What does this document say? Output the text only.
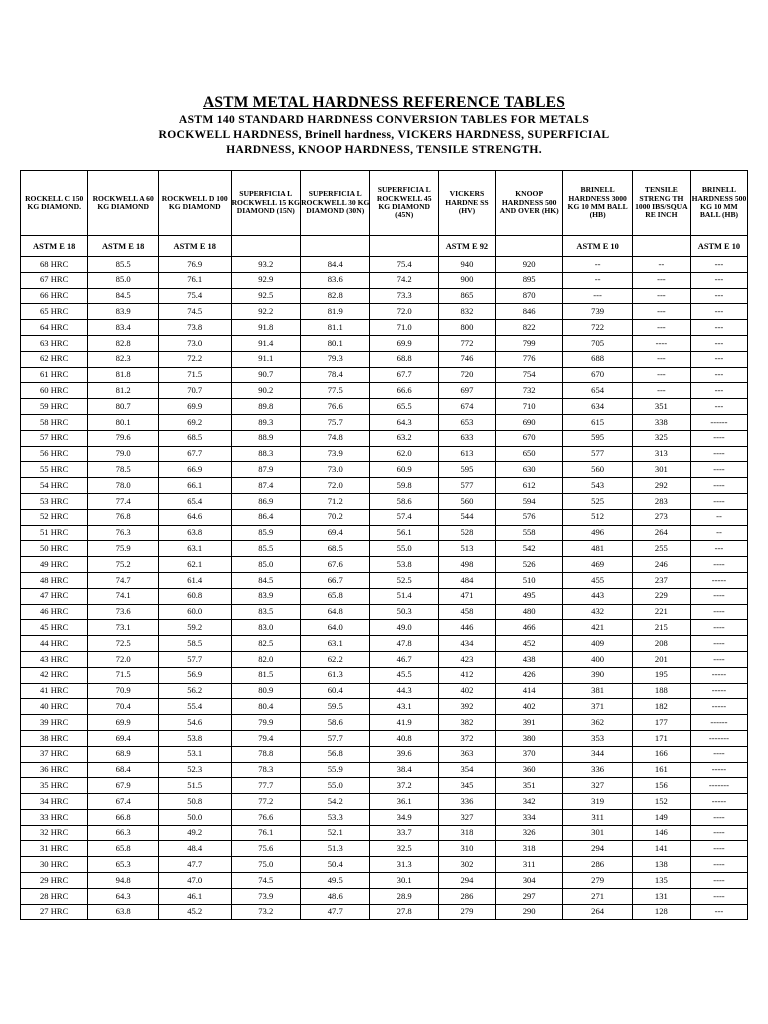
ASTM METAL HARDNESS REFERENCE TABLES

ASTM 140 STANDARD HARDNESS CONVERSION TABLES FOR METALS

ROCKWELL HARDNESS, Brinell hardness, VICKERS HARDNESS, SUPERFICIAL

HARDNESS, KNOOP HARDNESS, TENSILE STRENGTH.

ROCKELL C 150 KG DIAMOND.	ROCKWELL A 60 KG DIAMOND	ROCKWELL D 100 KG DIAMOND	SUPERFICIA L ROCKWELL 15 KG DIAMOND (15N)	SUPERFICIA L ROCKWELL 30 KG DIAMOND (30N)	SUPERFICIA L ROCKWELL 45 KG DIAMOND (45N)	VICKERS HARDNE SS (HV)	KNOOP HARDNESS 500 AND OVER (HK)	BRINELL HARDNESS 3000 KG 10 MM BALL (HB)	TENSILE STRENG TH 1000 IBS/SQUA RE INCH	BRINELL HARDNESS 500 KG 10 MM BALL (HB)
ASTM E 18	ASTM E 18	ASTM E 18				ASTM E 92		ASTM E 10		ASTM E 10
68 HRC	85.5	76.9	93.2	84.4	75.4	940	920	--	--	---
67 HRC	85.0	76.1	92.9	83.6	74.2	900	895	--	---	---
66 HRC	84.5	75.4	92.5	82.8	73.3	865	870	---	---	---
65 HRC	83.9	74.5	92.2	81.9	72.0	832	846	739	---	---
64 HRC	83.4	73.8	91.8	81.1	71.0	800	822	722	---	---
63 HRC	82.8	73.0	91.4	80.1	69.9	772	799	705	----	---
62 HRC	82.3	72.2	91.1	79.3	68.8	746	776	688	---	---
61 HRC	81.8	71.5	90.7	78.4	67.7	720	754	670	---	---
60 HRC	81.2	70.7	90.2	77.5	66.6	697	732	654	---	---
59 HRC	80.7	69.9	89.8	76.6	65.5	674	710	634	351	---
58 HRC	80.1	69.2	89.3	75.7	64.3	653	690	615	338	------
57 HRC	79.6	68.5	88.9	74.8	63.2	633	670	595	325	----
56 HRC	79.0	67.7	88.3	73.9	62.0	613	650	577	313	----
55 HRC	78.5	66.9	87.9	73.0	60.9	595	630	560	301	----
54 HRC	78.0	66.1	87.4	72.0	59.8	577	612	543	292	----
53 HRC	77.4	65.4	86.9	71.2	58.6	560	594	525	283	----
52 HRC	76.8	64.6	86.4	70.2	57.4	544	576	512	273	--
51 HRC	76.3	63.8	85.9	69.4	56.1	528	558	496	264	--
50 HRC	75.9	63.1	85.5	68.5	55.0	513	542	481	255	---
49 HRC	75.2	62.1	85.0	67.6	53.8	498	526	469	246	----
48 HRC	74.7	61.4	84.5	66.7	52.5	484	510	455	237	-----
47 HRC	74.1	60.8	83.9	65.8	51.4	471	495	443	229	----
46 HRC	73.6	60.0	83.5	64.8	50.3	458	480	432	221	----
45 HRC	73.1	59.2	83.0	64.0	49.0	446	466	421	215	----
44 HRC	72.5	58.5	82.5	63.1	47.8	434	452	409	208	----
43 HRC	72.0	57.7	82.0	62.2	46.7	423	438	400	201	----
42 HRC	71.5	56.9	81.5	61.3	45.5	412	426	390	195	-----
41 HRC	70.9	56.2	80.9	60.4	44.3	402	414	381	188	-----
40 HRC	70.4	55.4	80.4	59.5	43.1	392	402	371	182	-----
39 HRC	69.9	54.6	79.9	58.6	41.9	382	391	362	177	------
38 HRC	69.4	53.8	79.4	57.7	40.8	372	380	353	171	-------
37 HRC	68.9	53.1	78.8	56.8	39.6	363	370	344	166	----
36 HRC	68.4	52.3	78.3	55.9	38.4	354	360	336	161	-----
35 HRC	67.9	51.5	77.7	55.0	37.2	345	351	327	156	-------
34 HRC	67.4	50.8	77.2	54.2	36.1	336	342	319	152	-----
33 HRC	66.8	50.0	76.6	53.3	34.9	327	334	311	149	----
32 HRC	66.3	49.2	76.1	52.1	33.7	318	326	301	146	----
31 HRC	65.8	48.4	75.6	51.3	32.5	310	318	294	141	----
30 HRC	65.3	47.7	75.0	50.4	31.3	302	311	286	138	----
29 HRC	94.8	47.0	74.5	49.5	30.1	294	304	279	135	----
28 HRC	64.3	46.1	73.9	48.6	28.9	286	297	271	131	----
27 HRC	63.8	45.2	73.2	47.7	27.8	279	290	264	128	---
